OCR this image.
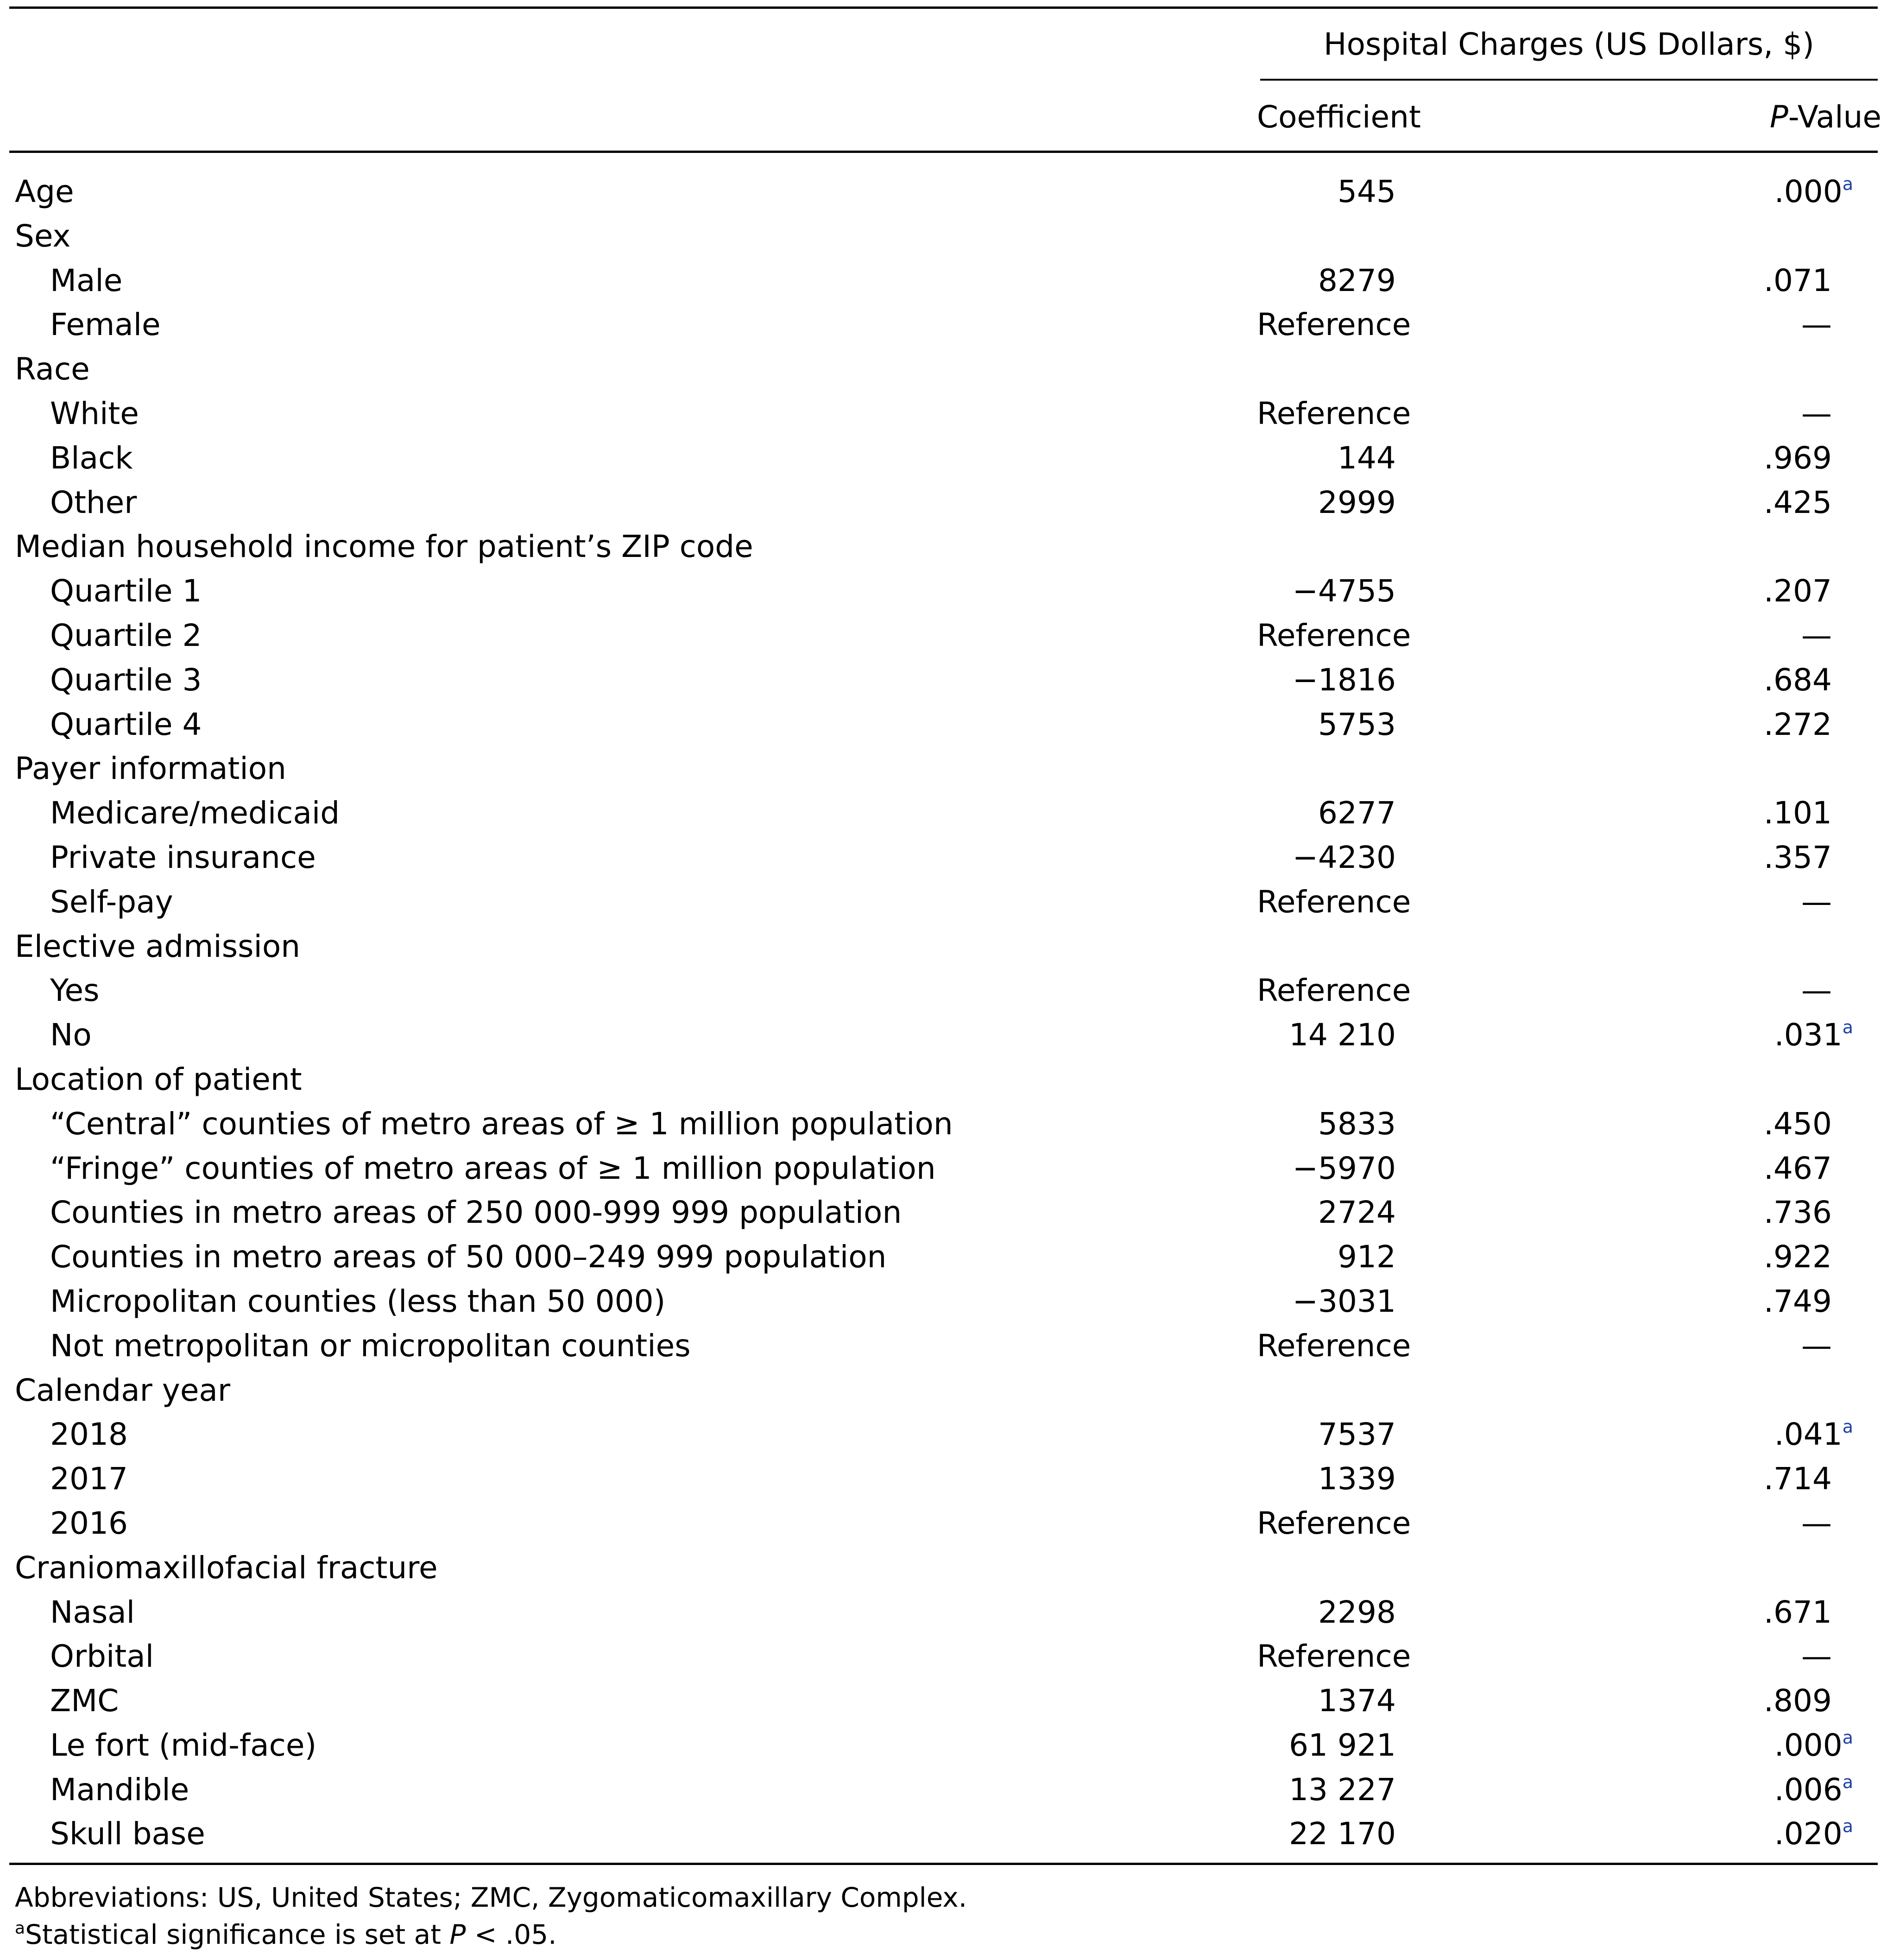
Hospital Charges (US Dollars, $)
Coefficient	P-Value
Age	545	.000$^a$
Sex
Male	8279	.071
Female	Reference	—
Race
White	Reference	—
Black	144	.969
Other	2999	.425
Median household income for patient’s ZIP code
Quartile 1	−4755	.207
Quartile 2	Reference	—
Quartile 3	−1816	.684
Quartile 4	5753	.272
Payer information
Medicare/medicaid	6277	.101
Private insurance	−4230	.357
Self-pay	Reference	—
Elective admission
Yes	Reference	—
No	14 210	.031$^a$
Location of patient
“Central” counties of metro areas of ≥ 1 million population	5833	.450
“Fringe” counties of metro areas of ≥ 1 million population	−5970	.467
Counties in metro areas of 250 000-999 999 population	2724	.736
Counties in metro areas of 50 000–249 999 population	912	.922
Micropolitan counties (less than 50 000)	−3031	.749
Not metropolitan or micropolitan counties	Reference	—
Calendar year
2018	7537	.041$^a$
2017	1339	.714
2016	Reference	—
Craniomaxillofacial fracture
Nasal	2298	.671
Orbital	Reference	—
ZMC	1374	.809
Le fort (mid-face)	61 921	.000$^a$
Mandible	13 227	.006$^a$
Skull base	22 170	.020$^a$
Abbreviations: US, United States; ZMC, Zygomaticomaxillary Complex.
$^a$Statistical significance is set at P < .05.
